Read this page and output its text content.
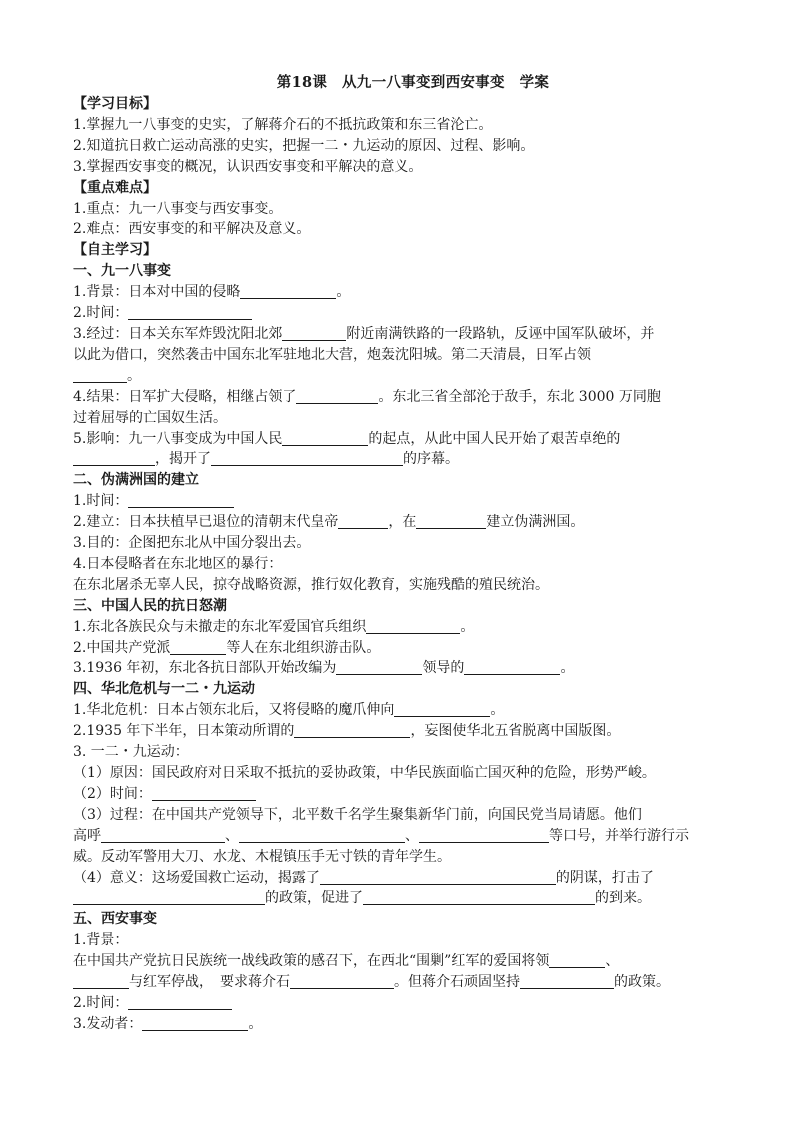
第18课　从九一八事变到西安事变　学案
【学习目标】
1.掌握九一八事变的史实，了解蒋介石的不抵抗政策和东三省沦亡。
2.知道抗日救亡运动高涨的史实，把握一二・九运动的原因、过程、影响。
3.掌握西安事变的概况，认识西安事变和平解决的意义。
【重点难点】
1.重点：九一八事变与西安事变。
2.难点：西安事变的和平解决及意义。
【自主学习】
一、九一八事变
1.背景：日本对中国的侵略	。
2.时间：
3.经过：日本关东军炸毁沈阳北郊	附近南满铁路的一段路轨，反诬中国军队破坏，并
以此为借口，突然袭击中国东北军驻地北大营，炮轰沈阳城。第二天清晨，日军占领
。
4.结果：日军扩大侵略，相继占领了	。东北三省全部沦于敌手，东北 3000 万同胞
过着屈辱的亡国奴生活。
5.影响：九一八事变成为中国人民	的起点，从此中国人民开始了艰苦卓绝的
，揭开了	的序幕。
二、伪满洲国的建立
1.时间：
2.建立：日本扶植早已退位的清朝末代皇帝	，在	建立伪满洲国。
3.目的：企图把东北从中国分裂出去。
4.日本侵略者在东北地区的暴行：
在东北屠杀无辜人民，掠夺战略资源，推行奴化教育，实施残酷的殖民统治。
三、中国人民的抗日怒潮
1.东北各族民众与未撤走的东北军爱国官兵组织	。
2.中国共产党派	等人在东北组织游击队。
3.1936 年初，东北各抗日部队开始改编为	领导的	。
四、华北危机与一二・九运动
1.华北危机：日本占领东北后，又将侵略的魔爪伸向	。
2.1935 年下半年，日本策动所谓的	，妄图使华北五省脱离中国版图。
3. 一二・九运动：
（1）原因：国民政府对日采取不抵抗的妥协政策，中华民族面临亡国灭种的危险，形势严峻。
（2）时间：
（3）过程：在中国共产党领导下，北平数千名学生聚集新华门前，向国民党当局请愿。他们
高呼	、	、	等口号，并举行游行示
威。反动军警用大刀、水龙、木棍镇压手无寸铁的青年学生。
（4）意义：这场爱国救亡运动，揭露了	的阴谋，打击了
的政策，促进了	的到来。
五、西安事变
1.背景：
在中国共产党抗日民族统一战线政策的感召下，在西北“围剿”红军的爱国将领	、
与红军停战，　要求蒋介石	。但蒋介石顽固坚持	的政策。
2.时间：
3.发动者：	。
